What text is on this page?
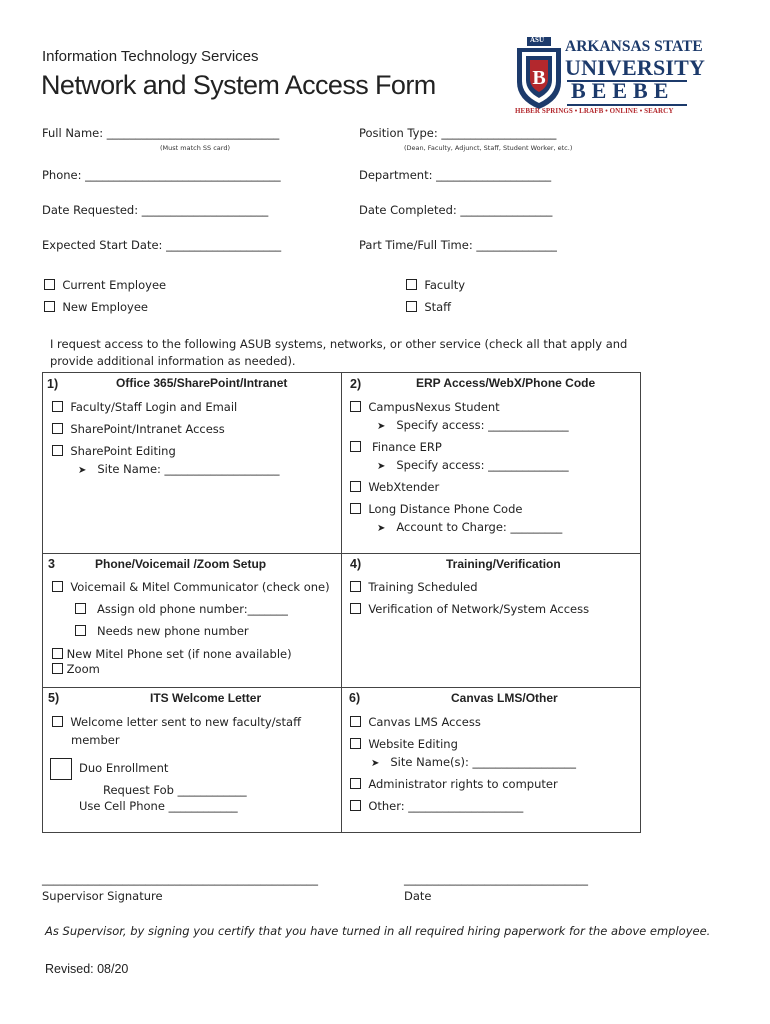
Information Technology Services
Network and System Access Form	B
ASU ARKANSAS STATE
UNIVERSITY
BEEBE
HEBER SPRINGS • LRAFB • ONLINE • SEARCY
Full Name: ______________________________
(Must match SS card)
Position Type: ____________________
(Dean, Faculty, Adjunct, Staff, Student Worker, etc.)
Phone: __________________________________	Department: ____________________
Date Requested: ______________________	Date Completed: ________________
Expected Start Date: ____________________	Part Time/Full Time: ______________
Current Employee
New Employee
Faculty
Staff
I request access to the following ASUB systems, networks, or other service (check all that apply and
provide additional information as needed).
1)	Office 365/SharePoint/Intranet
Faculty/Staff Login and Email
SharePoint/Intranet Access
SharePoint Editing
➤ Site Name: ____________________
2)	ERP Access/WebX/Phone Code
CampusNexus Student
➤ Specify access: ______________
Finance ERP
➤ Specify access: ______________
WebXtender
Long Distance Phone Code
➤ Account to Charge: _________
3	Phone/Voicemail /Zoom Setup
Voicemail & Mitel Communicator (check one)
Assign old phone number:_______
Needs new phone number
New Mitel Phone set (if none available)
Zoom
4)	Training/Verification
Training Scheduled
Verification of Network/System Access
5)	ITS Welcome Letter
Welcome letter sent to new faculty/staff
member
Duo Enrollment
Request Fob ____________
Use Cell Phone ____________
6)	Canvas LMS/Other
Canvas LMS Access
Website Editing
➤ Site Name(s): __________________
Administrator rights to computer
Other: ____________________
________________________________________________
Supervisor Signature
________________________________
Date
As Supervisor, by signing you certify that you have turned in all required hiring paperwork for the above employee.
Revised: 08/20
